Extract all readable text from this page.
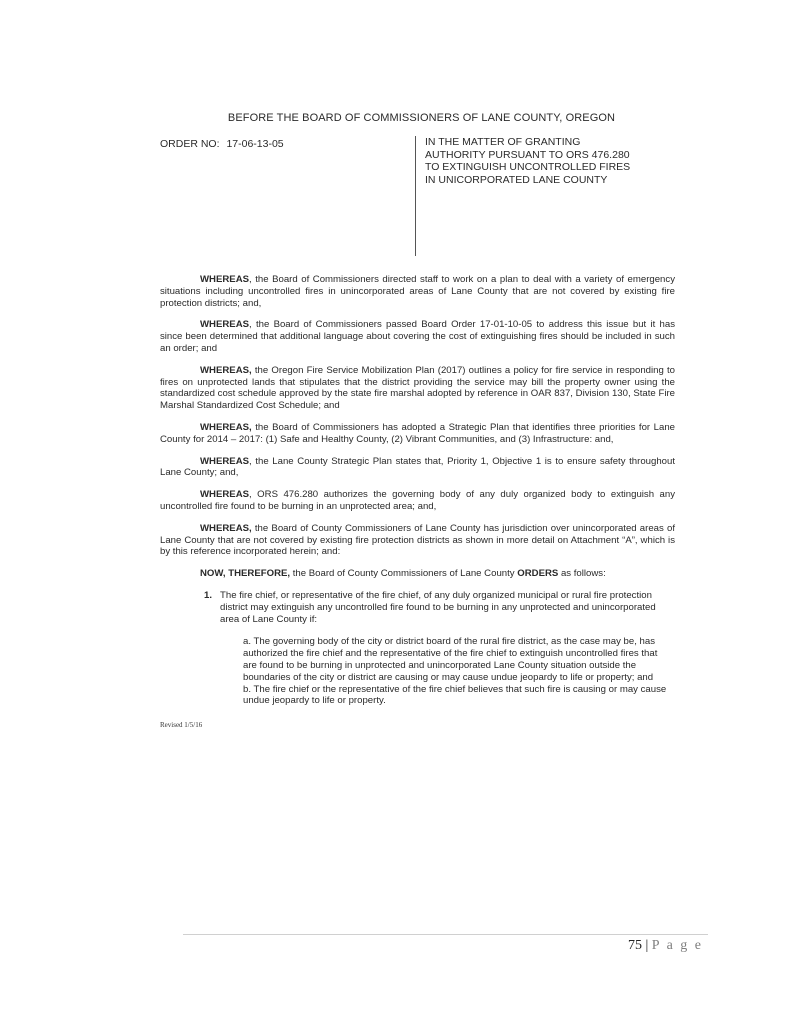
BEFORE THE BOARD OF COMMISSIONERS OF LANE COUNTY, OREGON
ORDER NO: 17-06-13-05	IN THE MATTER OF GRANTING
AUTHORITY PURSUANT TO ORS 476.280
TO EXTINGUISH UNCONTROLLED FIRES
IN UNICORPORATED LANE COUNTY

WHEREAS, the Board of Commissioners directed staff to work on a plan to deal with a variety of emergency situations including uncontrolled fires in unincorporated areas of Lane County that are not covered by existing fire protection districts; and,

WHEREAS, the Board of Commissioners passed Board Order 17-01-10-05 to address this issue but it has since been determined that additional language about covering the cost of extinguishing fires should be included in such an order; and

WHEREAS, the Oregon Fire Service Mobilization Plan (2017) outlines a policy for fire service in responding to fires on unprotected lands that stipulates that the district providing the service may bill the property owner using the standardized cost schedule approved by the state fire marshal adopted by reference in OAR 837, Division 130, State Fire Marshal Standardized Cost Schedule; and

WHEREAS, the Board of Commissioners has adopted a Strategic Plan that identifies three priorities for Lane County for 2014 – 2017: (1) Safe and Healthy County, (2) Vibrant Communities, and (3) Infrastructure: and,

WHEREAS, the Lane County Strategic Plan states that, Priority 1, Objective 1 is to ensure safety throughout Lane County; and,

WHEREAS, ORS 476.280 authorizes the governing body of any duly organized body to extinguish any uncontrolled fire found to be burning in an unprotected area; and,

WHEREAS, the Board of County Commissioners of Lane County has jurisdiction over unincorporated areas of Lane County that are not covered by existing fire protection districts as shown in more detail on Attachment “A”, which is by this reference incorporated herein; and:

NOW, THEREFORE, the Board of County Commissioners of Lane County ORDERS as follows:

1. The fire chief, or representative of the fire chief, of any duly organized municipal or rural fire protection district may extinguish any uncontrolled fire found to be burning in any unprotected and unincorporated area of Lane County if:
a. The governing body of the city or district board of the rural fire district, as the case may be, has authorized the fire chief and the representative of the fire chief to extinguish uncontrolled fires that are found to be burning in unprotected and unincorporated Lane County situation outside the boundaries of the city or district are causing or may cause undue jeopardy to life or property; and
b. The fire chief or the representative of the fire chief believes that such fire is causing or may cause undue jeopardy to life or property.
Revised 1/5/16
75 | P a g e
